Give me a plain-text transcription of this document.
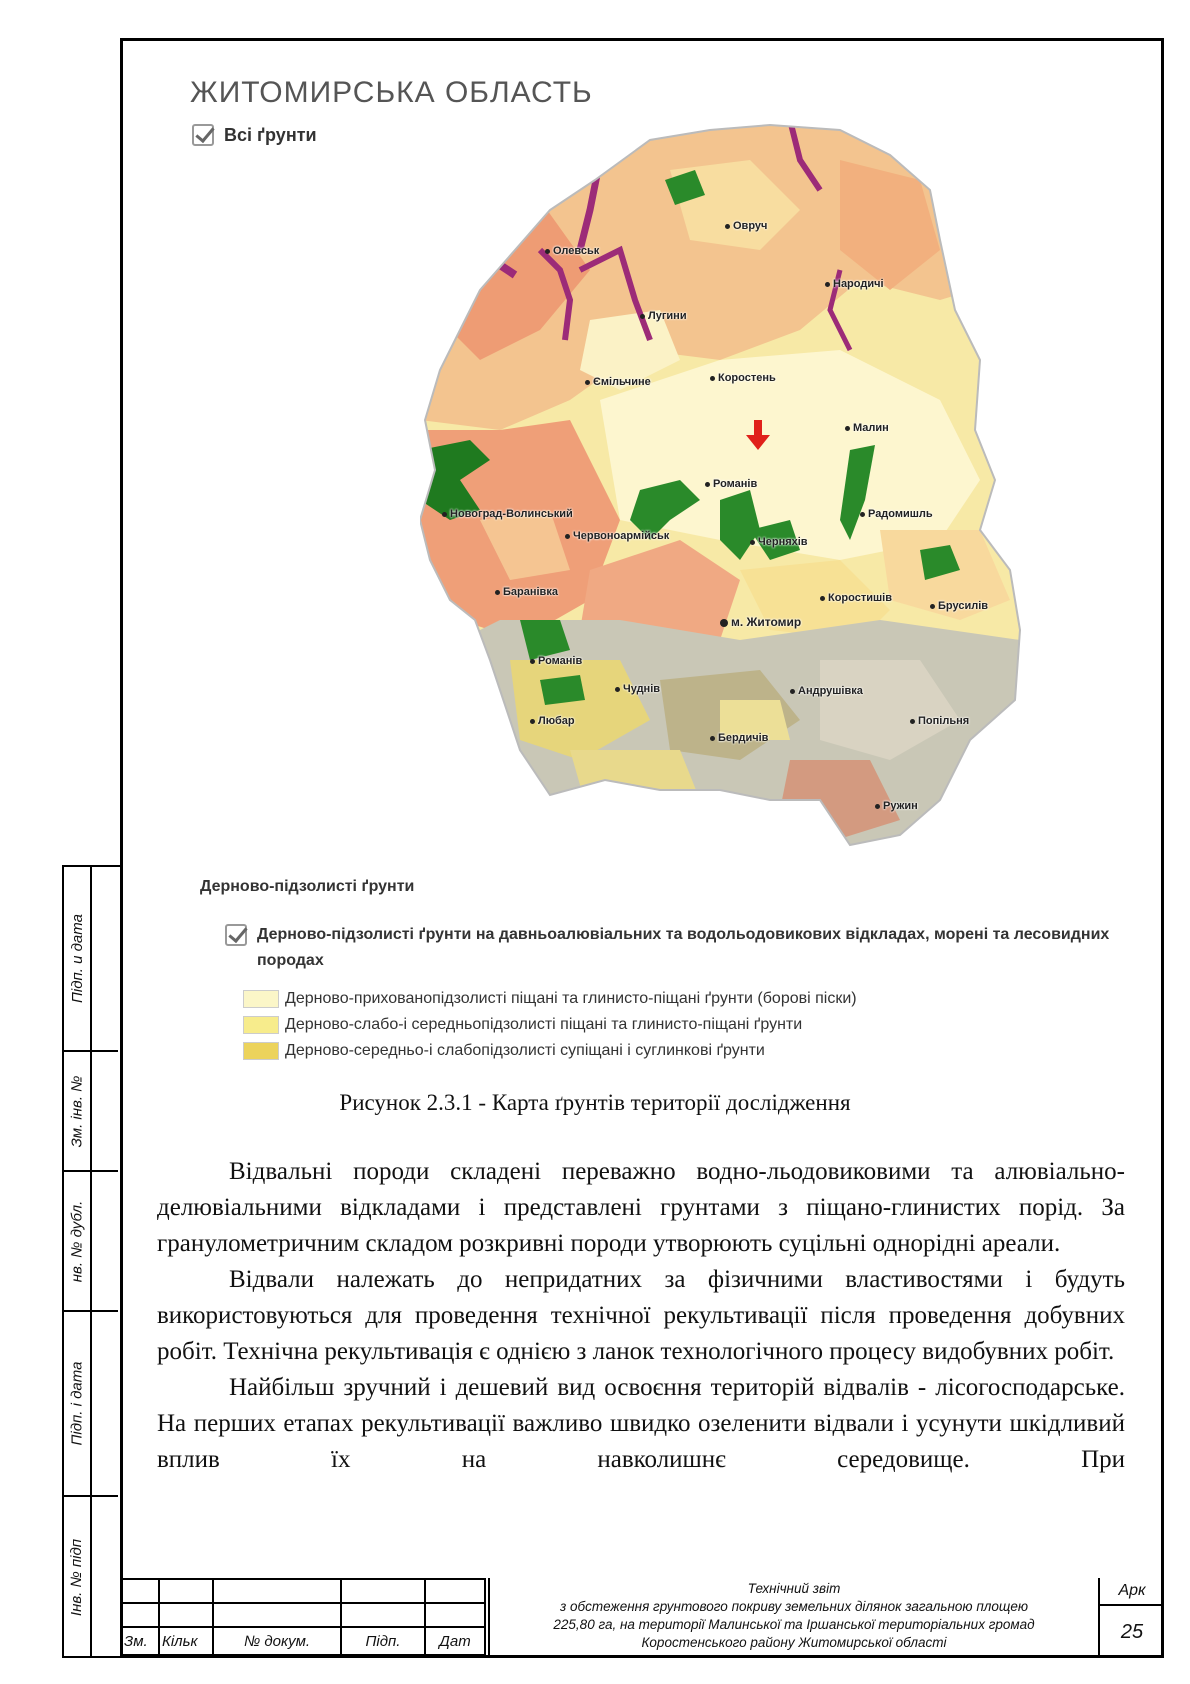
Підп. и дата
Зм. інв. №
нв. № дубл.
Підп. і дата
Інв. № підп
ЖИТОМИРСЬКА ОБЛАСТЬ
Всі ґрунти
Овруч
Олевськ
Народичі
Лугини
Коростень
Ємільчине
Малин
Романів
Новоград-Волинський	Радомишль
Червоноармійськ	Черняхів
Баранівка	Коростишів
Брусилів
м. Житомир
Романів
Чуднів	Андрушівка
Любар	Попільня
Бердичів
Ружин
Дерново-підзолисті ґрунти
Дерново-підзолисті ґрунти на давньоалювіальних та водольодовикових відкладах, морені та лесовидних породах
Дерново-прихованопідзолисті піщані та глинисто-піщані ґрунти (борові піски)
Дерново-слабо-і середньопідзолисті піщані та глинисто-піщані ґрунти
Дерново-середньо-і слабопідзолисті супіщані і суглинкові ґрунти
Рисунок 2.3.1 - Карта ґрунтів території дослідження

Відвальні породи складені переважно водно-льодовиковими та алювіально- делювіальними відкладами і представлені грунтами з піщано-глинистих порід. За гранулометричним складом розкривні породи утворюють суцільні однорідні ареали.

Відвали належать до непридатних за фізичними властивостями і будуть використовуються для проведення технічної рекультивації після проведення добувних робіт. Технічна рекультивація є однією з ланок технологічного процесу видобувних робіт.

Найбільш зручний і дешевий вид освоєння територій відвалів - лісогосподарське. На перших етапах рекультивації важливо швидко озеленити відвали і усунути шкідливий вплив їх на навколишнє середовище. При

Зм.	Кільк	№ докум.	Підп.	Дат
Технічний звіт
з обстеження грунтового покриву земельних ділянок загальною площею
225,80 га, на території Малинської та Іршанської територіальних громад
Коростенського району Житомирської області
Арк
25
